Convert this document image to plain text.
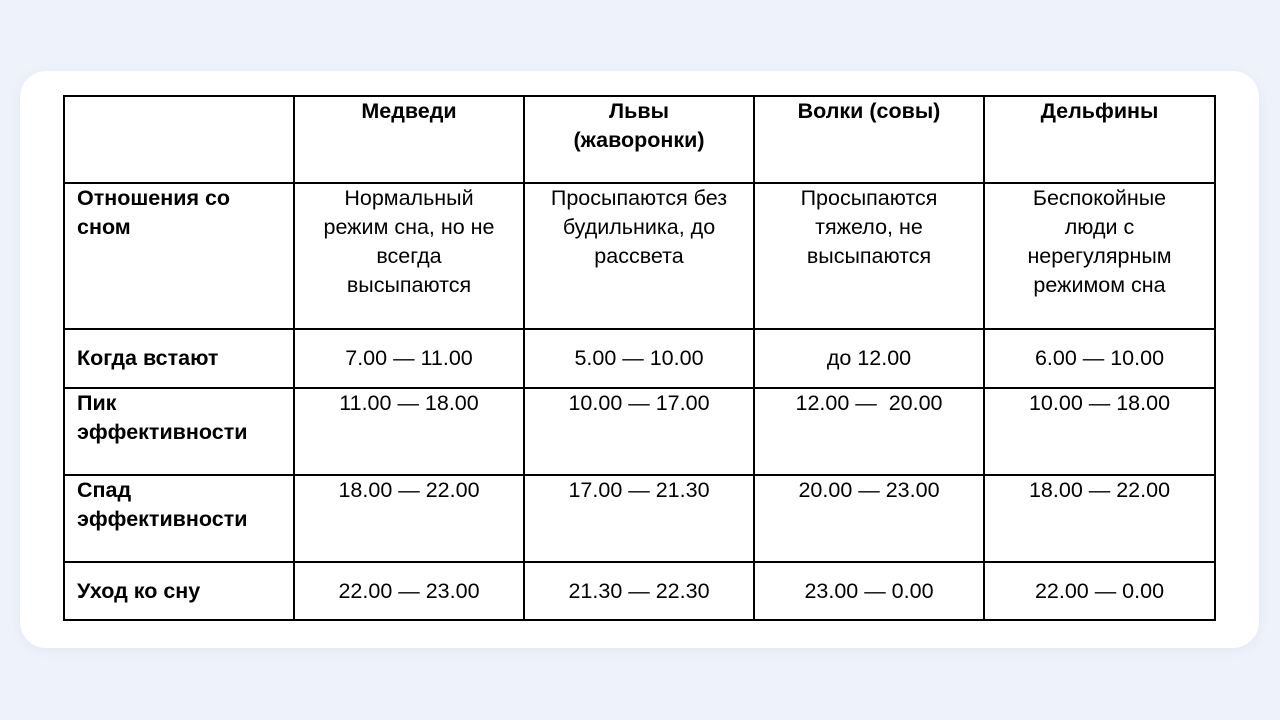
	Медведи	Львы (жаворонки)	Волки (совы)	Дельфины
Отношения со сном	Нормальный режим сна, но не всегда высыпаются	Просыпаются без будильника, до рассвета	Просыпаются тяжело, не высыпаются	Беспокойные люди с нерегулярным режимом сна
Когда встают	7.00 — 11.00	5.00 — 10.00	до 12.00	6.00 — 10.00
Пик эффективности	11.00 — 18.00	10.00 — 17.00	12.00 —  20.00	10.00 — 18.00
Спад эффективности	18.00 — 22.00	17.00 — 21.30	20.00 — 23.00	18.00 — 22.00
Уход ко сну	22.00 — 23.00	21.30 — 22.30	23.00 — 0.00	22.00 — 0.00
